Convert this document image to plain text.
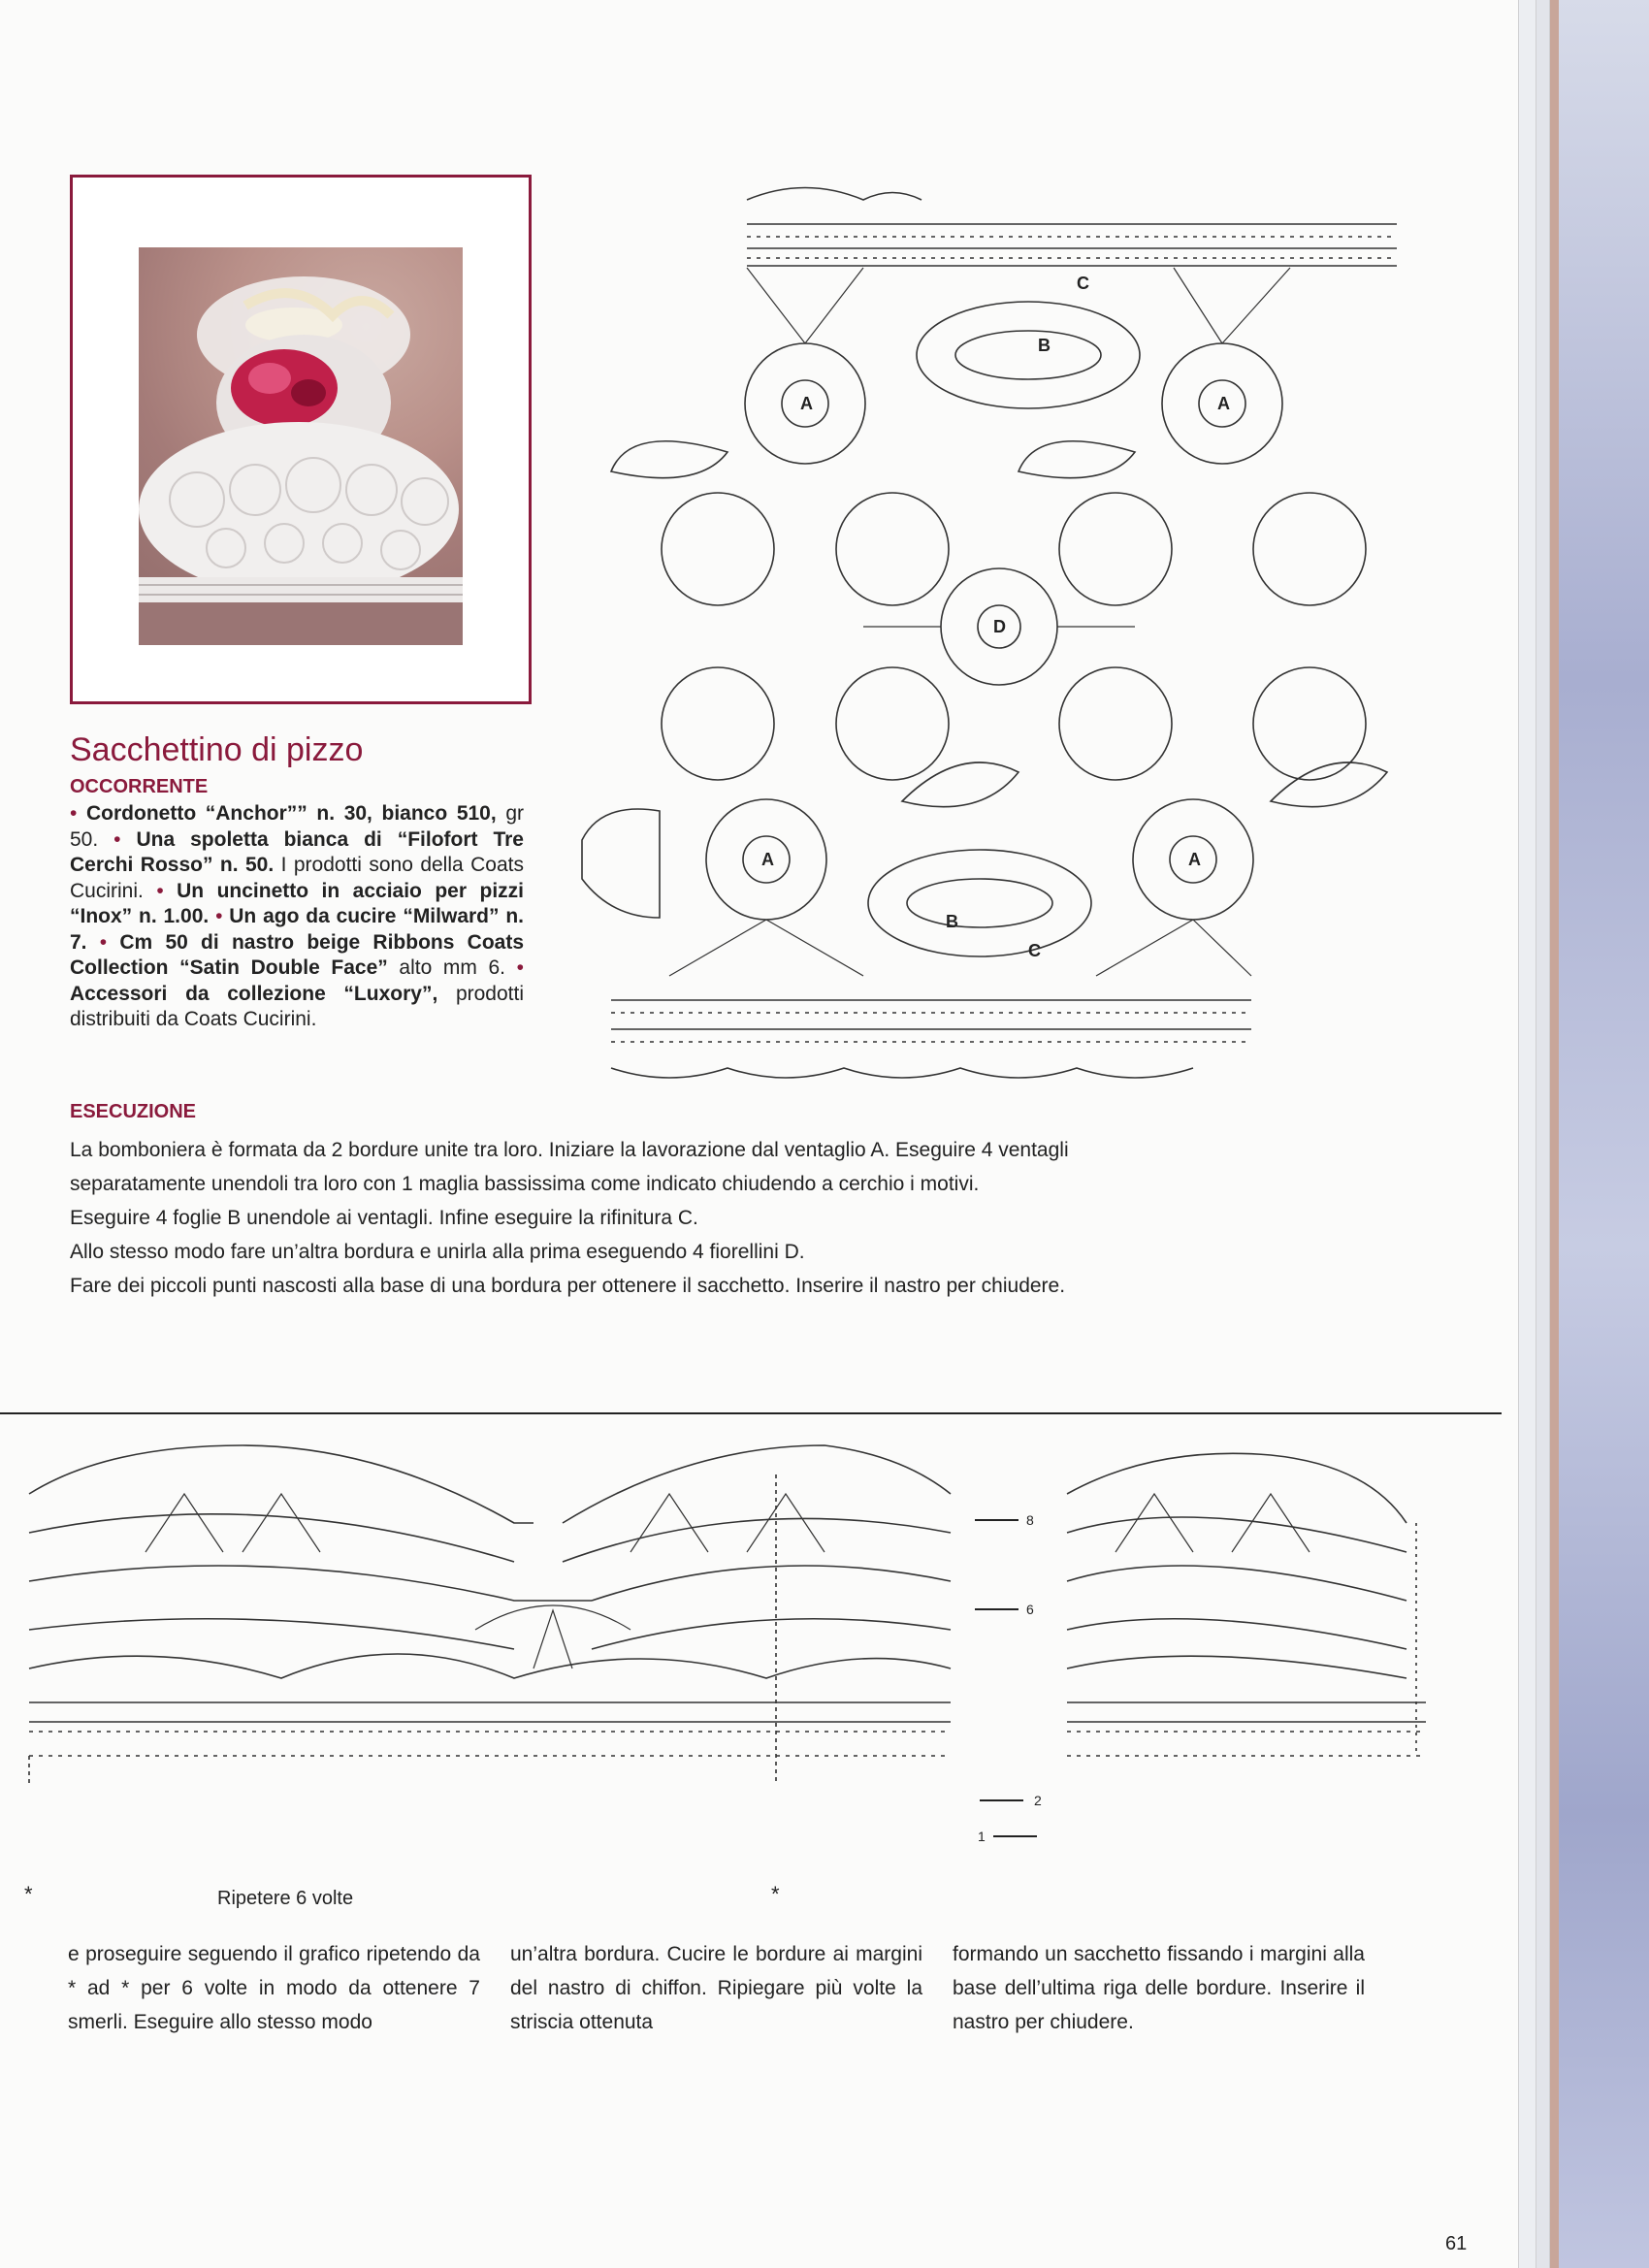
Sacchettino di pizzo
OCCORRENTE

• Cordonetto “Anchor”” n. 30, bianco 510, gr 50. • Una spoletta bianca di “Filofort Tre Cerchi Rosso” n. 50. I prodotti sono della Coats Cucirini. • Un uncinetto in acciaio per pizzi “Inox” n. 1.00. • Un ago da cucire “Milward” n. 7. • Cm 50 di nastro beige Ribbons Coats Collection “Satin Double Face” alto mm 6. • Accessori da collezione “Luxory”, prodotti distribuiti da Coats Cucirini.

A	A
B
C
D
A	A
B
C
ESECUZIONE

La bomboniera è formata da 2 bordure unite tra loro. Iniziare la lavorazione dal ventaglio A. Eseguire 4 ventagli

separatamente unendoli tra loro con 1 maglia bassissima come indicato chiudendo a cerchio i motivi.

Eseguire 4 foglie B unendole ai ventagli. Infine eseguire la rifinitura C.

Allo stesso modo fare un’altra bordura e unirla alla prima eseguendo 4 fiorellini D.

Fare dei piccoli punti nascosti alla base di una bordura per ottenere il sacchetto. Inserire il nastro per chiudere.

*
8
6
2
1
Ripetere 6 volte	*

e proseguire seguendo il grafico ripetendo da * ad * per 6 volte in modo da ottenere 7 smerli. Eseguire allo stesso modo

un’altra bordura. Cucire le bordure ai margini del nastro di chiffon. Ripiegare più volte la striscia ottenuta

formando un sacchetto fissando i margini alla base dell’ultima riga delle bordure. Inserire il nastro per chiudere.

61
